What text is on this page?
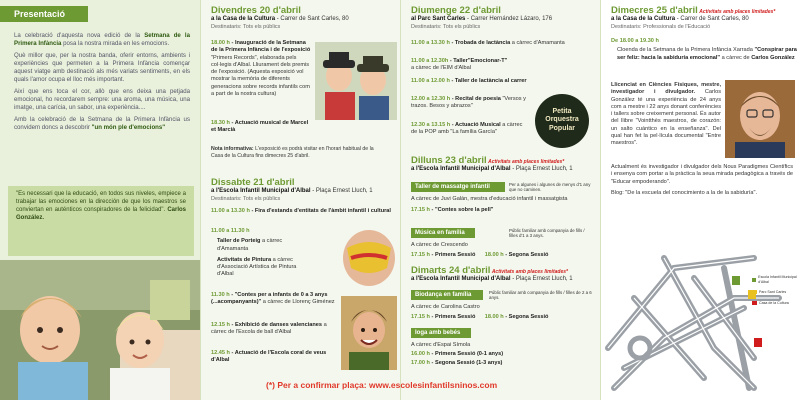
Presentació

La celebració d'aquesta nova edició de la Setmana de la Primera Infància posa la nostra mirada en les emocions.

Què millor que, per la nostra banda, oferir entorns, ambients i experiències que permeten a la Primera Infància començar aquest viatge amb destinació als més variats sentiments, en els quals l'amor ocupa el lloc més important.

Així que ens toca el cor, allò que ens deixa una petjada emocional, ho recordarem sempre: una aroma, una música, una imatge, una carícia, un sabor, una experiència....

Amb la celebració de la Setmana de la Primera Infància us convidem doncs a descobrir "un món ple d'emocions"

"Es necessari que la educació, en todos sus niveles, empiece a trabajar las emociones en la dirección de que los maestros se conviertan en auténticos conspiradores de la felicidad". Carlos González.
Divendres 20 d'abril
a la Casa de la Cultura - Carrer de Sant Carles, 80
Destinataris: Tots els públics
18.00 h - Inauguració de la Setmana de la Primera Infància i de l'exposició "Primers Records", elaborada pels col·legis d'Albal. Lliurament dels premis de l'exposició. (Aquesta exposició vol mostrar la memòria de diferents generacions sobre records infantils com a part de la nostra cultura)
18.30 h - Actuació musical de Marcel et Marcià
Nota informativa: L'exposició es podrà visitar en l'horari habitual de la Casa de la Cultura fins dimecres 25 d'abril.
Dissabte 21 d'abril
a l'Escola Infantil Municipal d'Albal - Plaça Ernest Lluch, 1
Destinataris: Tots els públics
11.00 a 13.30 h - Fira d'estands d'entitats de l'àmbit infantil i cultural
11.00 a 11.30 h
Taller de Porteig a càrrec d'Amamanta
Activitats de Pintura a càrrec d'Associació Artística de Pintura d'Albal
11.30 h - "Contes per a infants de 0 a 3 anys (...acompanyants)" a càrrec de Llorenç Giménez
12.15 h - Exhibició de danses valencianes a càrrec de l'Escola de ball d'Albal
12.45 h - Actuació de l'Escola coral de veus d'Albal
Diumenge 22 d'abril
al Parc Sant Carles - Carrer Hernández Lázaro, 176
Destinataris: Tots els públics
11.00 a 13.30 h - Trobada de lactància a càrrec d'Amamanta
11.00 a 12.30h - Taller"Emocionar-T"
a càrrec de l'EIM d'Albal
11.00 a 12.00 h - Taller de lactància al carrer
12.00 a 12.30 h - Recital de poesia "Versos y trazos. Besos y abrazos"
12.30 a 13.15 h - Actuació Musical a càrrec de la POP amb "La família García"
Petita Orquestra Popular
Dilluns 23 d'abril Activitats amb places limitades*
a l'Escola Infantil Municipal d'Albal - Plaça Ernest Lluch, 1
Taller de massatge infantil	Per a algunes i algunes de menys d'1 any que no caminen.
A càrrec de Juvi Galán, mestra d'educació infantil i massatgista
17.15 h - "Contes sobre la pell"
Música en família	Públic familiar amb companyia de fills / filles d'1 a 3 anys.
A càrrec de Crescendo
17.15 h - Primera Sessió 18.00 h - Segona Sessió
Dimarts 24 d'abril Activitats amb places limitades*
a l'Escola Infantil Municipal d'Albal - Plaça Ernest Lluch, 1
Biodança en família	Públic familiar amb companyia de fills / filles de 2 a 6 anys.
A càrrec de Carolina Castro
17.15 h - Primera Sessió 18.00 h - Segona Sessió
Ioga amb bebés
A càrrec d'Espai Símola
16.00 h - Primera Sessió (0-1 anys)
17.00 h - Segona Sessió (1-3 anys)
(*) Per a confirmar plaça: www.escolesinfantilsninos.com
Dimecres 25 d'abril Activitats amb places limitades*
a la Casa de la Cultura - Carrer de Sant Carles, 80
Destinataris: Professionals de l'Educació
De 18.00 a 19.30 h
Cloenda de la Setmana de la Primera Infància Xarrada "Conspirar para ser feliz: hacia la sabiduría emocional" a càrrec de Carlos González
Llicenciat en Ciències Físiques, mestre, investigador i divulgador. Carlos González té una experiència de 24 anys com a mestre i 22 anys donant conferències i tallers sobre creixement personal. És autor del llibre "Vointthès maestros, de corazón: un salto cuántico en la enseñanza". Del qual han fet la pel·lícula documental "Entre maestros".
Actualment és investigador i divulgador dels Nous Paradigmes Científics i ensenya com portar a la pràctica la seua mirada pedagògica a través de "Educar empoderando".
Blog: "De la escuela del conocimiento a la de la sabiduría".
Escola Infantil Municipal d'Albal
Parc Sant Carles
Casa de la Cultura
